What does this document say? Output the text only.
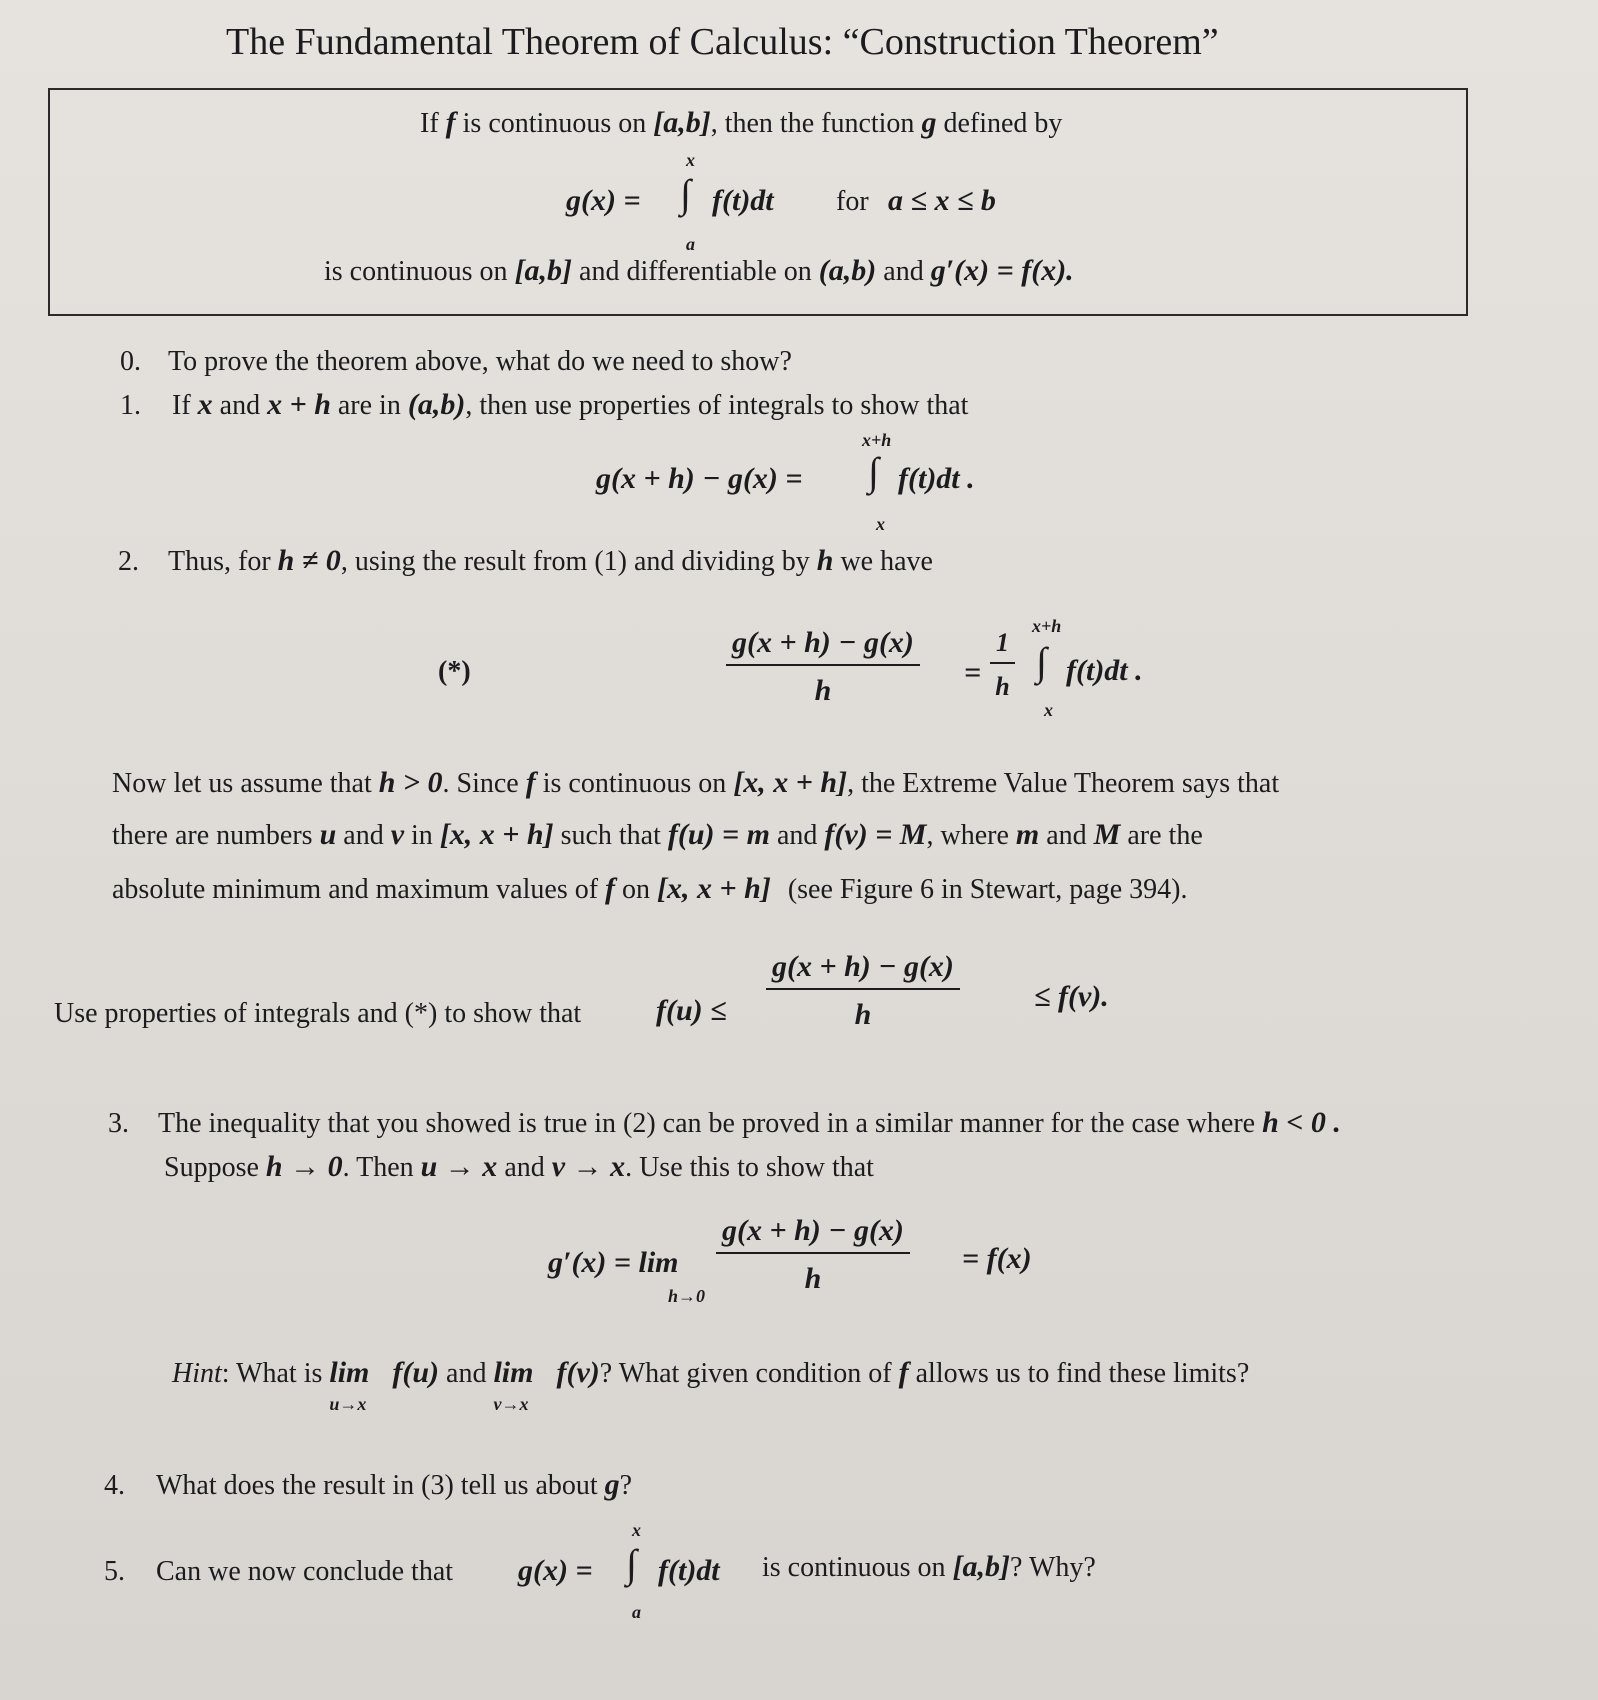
The Fundamental Theorem of Calculus: “Construction Theorem”
If f is continuous on [a,b], then the function g defined by
g(x) =
x
∫
a
f(t)dt for a ≤ x ≤ b
is continuous on [a,b] and differentiable on (a,b) and g′(x) = f(x).
0. To prove the theorem above, what do we need to show?
1. If x and x + h are in (a,b), then use properties of integrals to show that
g(x + h) − g(x) =
x+h
∫
x
f(t)dt .
2. Thus, for h ≠ 0, using the result from (1) and dividing by h we have
(*)	$\frac{g(x + h) - g(x)}{h} = \frac{1}{h}$
x+h
∫
x
f(t)dt .
Now let us assume that h > 0. Since f is continuous on [x, x + h], the Extreme Value Theorem says that
there are numbers u and v in [x, x + h] such that f(u) = m and f(v) = M, where m and M are the
absolute minimum and maximum values of f on [x, x + h] (see Figure 6 in Stewart, page 394).
Use properties of integrals and (*) to show that $f(u) \le \frac{g(x + h) - g(x)}{h} \le f(v)$.
3. The inequality that you showed is true in (2) can be proved in a similar manner for the case where h < 0 .
Suppose h → 0. Then u → x and v → x. Use this to show that
g′(x) = lim
$h\to 0 \frac{g(x + h) - g(x)}{h} = f(x)$
Hint: What is lim
u→x
f(u) and lim
v→x
f(v)? What given condition of f allows us to find these limits?
4. What does the result in (3) tell us about g?
5. Can we now conclude that g(x) =
x
∫
a
f(t)dt is continuous on [a,b]? Why?
